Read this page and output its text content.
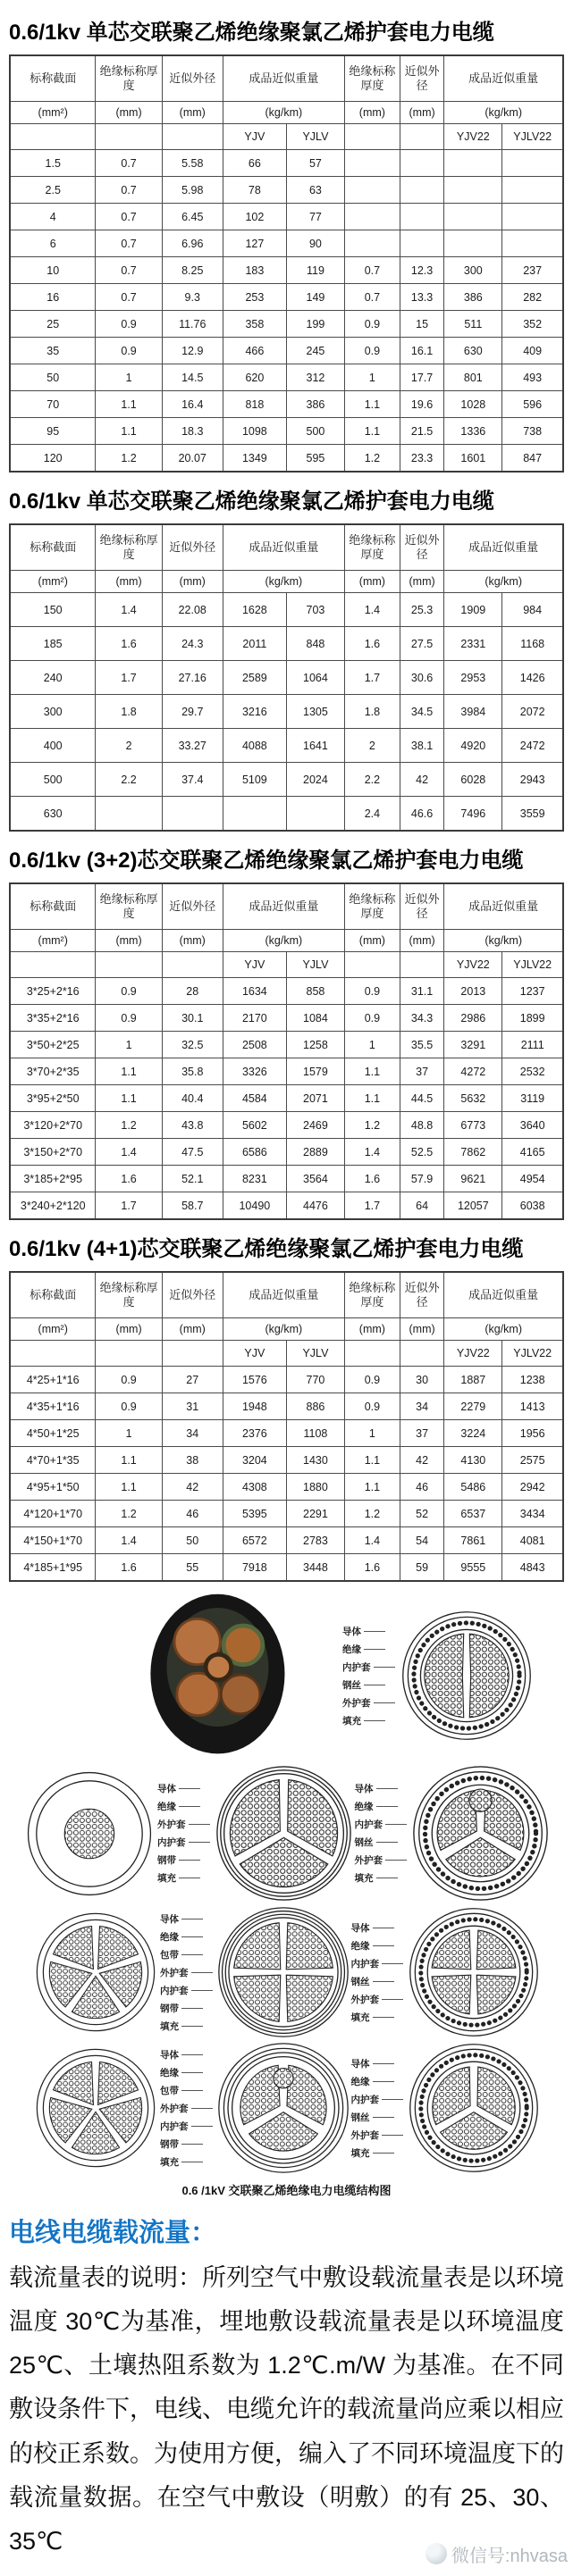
0.6/1kv 单芯交联聚乙烯绝缘聚氯乙烯护套电力电缆
标称截面	绝缘标称厚度	近似外径	成品近似重量		绝缘标称厚度	近似外径	成品近似重量	
(mm²)	(mm)	(mm)	(kg/km)		(mm)	(mm)	(kg/km)	
			YJV	YJLV			YJV22	YJLV22
1.5	0.7	5.58	66	57				
2.5	0.7	5.98	78	63				
4	0.7	6.45	102	77				
6	0.7	6.96	127	90				
10	0.7	8.25	183	119	0.7	12.3	300	237
16	0.7	9.3	253	149	0.7	13.3	386	282
25	0.9	11.76	358	199	0.9	15	511	352
35	0.9	12.9	466	245	0.9	16.1	630	409
50	1	14.5	620	312	1	17.7	801	493
70	1.1	16.4	818	386	1.1	19.6	1028	596
95	1.1	18.3	1098	500	1.1	21.5	1336	738
120	1.2	20.07	1349	595	1.2	23.3	1601	847
0.6/1kv 单芯交联聚乙烯绝缘聚氯乙烯护套电力电缆
标称截面	绝缘标称厚度	近似外径	成品近似重量		绝缘标称厚度	近似外径	成品近似重量	
(mm²)	(mm)	(mm)	(kg/km)		(mm)	(mm)	(kg/km)	
150	1.4	22.08	1628	703	1.4	25.3	1909	984
185	1.6	24.3	2011	848	1.6	27.5	2331	1168
240	1.7	27.16	2589	1064	1.7	30.6	2953	1426
300	1.8	29.7	3216	1305	1.8	34.5	3984	2072
400	2	33.27	4088	1641	2	38.1	4920	2472
500	2.2	37.4	5109	2024	2.2	42	6028	2943
630					2.4	46.6	7496	3559
0.6/1kv (3+2)芯交联聚乙烯绝缘聚氯乙烯护套电力电缆
标称截面	绝缘标称厚度	近似外径	成品近似重量		绝缘标称厚度	近似外径	成品近似重量	
(mm²)	(mm)	(mm)	(kg/km)		(mm)	(mm)	(kg/km)	
			YJV	YJLV			YJV22	YJLV22
3*25+2*16	0.9	28	1634	858	0.9	31.1	2013	1237
3*35+2*16	0.9	30.1	2170	1084	0.9	34.3	2986	1899
3*50+2*25	1	32.5	2508	1258	1	35.5	3291	2111
3*70+2*35	1.1	35.8	3326	1579	1.1	37	4272	2532
3*95+2*50	1.1	40.4	4584	2071	1.1	44.5	5632	3119
3*120+2*70	1.2	43.8	5602	2469	1.2	48.8	6773	3640
3*150+2*70	1.4	47.5	6586	2889	1.4	52.5	7862	4165
3*185+2*95	1.6	52.1	8231	3564	1.6	57.9	9621	4954
3*240+2*120	1.7	58.7	10490	4476	1.7	64	12057	6038
0.6/1kv (4+1)芯交联聚乙烯绝缘聚氯乙烯护套电力电缆
标称截面	绝缘标称厚度	近似外径	成品近似重量		绝缘标称厚度	近似外径	成品近似重量	
(mm²)	(mm)	(mm)	(kg/km)		(mm)	(mm)	(kg/km)	
			YJV	YJLV			YJV22	YJLV22
4*25+1*16	0.9	27	1576	770	0.9	30	1887	1238
4*35+1*16	0.9	31	1948	886	0.9	34	2279	1413
4*50+1*25	1	34	2376	1108	1	37	3224	1956
4*70+1*35	1.1	38	3204	1430	1.1	42	4130	2575
4*95+1*50	1.1	42	4308	1880	1.1	46	5486	2942
4*120+1*70	1.2	46	5395	2291	1.2	52	6537	3434
4*150+1*70	1.4	50	6572	2783	1.4	54	7861	4081
4*185+1*95	1.6	55	7918	3448	1.6	59	9555	4843
导体
绝缘
内护套
钢丝
外护套
填充
导体
绝缘
外护套
内护套
钢带
填充
导体
绝缘
内护套
钢丝
外护套
填充
导体
绝缘
包带
外护套
内护套
钢带
填充
导体
绝缘
内护套
钢丝
外护套
填充
导体
绝缘
包带
外护套
内护套
钢带
填充
导体
绝缘
内护套
钢丝
外护套
填充
0.6 /1kV 交联聚乙烯绝缘电力电缆结构图
电线电缆载流量：

载流量表的说明：所列空气中敷设载流量表是以环境温度 30℃为基准，埋地敷设载流量表是以环境温度25℃、土壤热阻系数为 1.2℃.m/W 为基准。在不同敷设条件下，电线、电缆允许的载流量尚应乘以相应的校正系数。为使用方便，编入了不同环境温度下的载流量数据。在空气中敷设（明敷）的有 25、30、35℃

微信号:nhvasa
